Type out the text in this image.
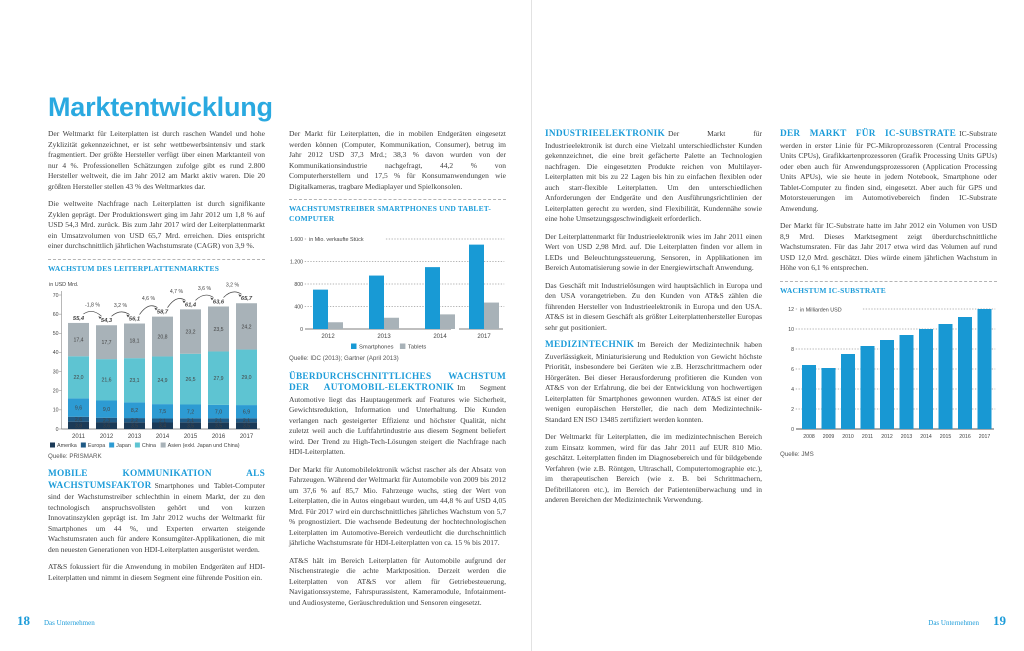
Marktentwicklung

Der Weltmarkt für Leiterplatten ist durch raschen Wandel und hohe Zyklizität gekennzeichnet, er ist sehr wettbewerbsintensiv und stark fragmentiert. Der größte Hersteller verfügt über einen Marktanteil von nur 4 %. Professionellen Schätzungen zufolge gibt es rund 2.800 Hersteller weltweit, die im Jahr 2012 am Markt aktiv waren. Die 20 größten Hersteller stellen 43 % des Weltmarktes dar.

Die weltweite Nachfrage nach Leiterplatten ist durch signifikante Zyklen geprägt. Der Produktionswert ging im Jahr 2012 um 1,8 % auf USD 54,3 Mrd. zurück. Bis zum Jahr 2017 wird der Leiterplattenmarkt ein Umsatzvolumen von USD 65,7 Mrd. erreichen. Dies entspricht einer durchschnittlich jährlichen Wachstumsrate (CAGR) von 3,9 %.

WACHSTUM DES LEITERPLATTENMARKTES
in USD Mrd.
0
10
20
30
40
50
60
70
3,8
2,6
9,6
22,0
17,4
55,4
2011
3,6
2,3
9,0
21,6
17,7
54,3
2012
3,5
2,2
8,2
23,1
18,1
56,1
2013
3,4
2,1
7,5
24,9
20,8
58,7
2014
3,5
2,1
7,2
26,5
23,2
61,4
2015
3,5
2,1
7,0
27,9
23,5
63,6
2016
3,5
2,1
6,9
29,0
24,2
65,7
2017
-1,8 %	3,2 %
4,6 %
4,7 %	3,6 %
3,2 %
Amerika Europa Japan China Asien (exkl. Japan und China)
Quelle: PRISMARK

MOBILE KOMMUNIKATION ALS WACHSTUMSFAKTOR Smartphones und Tablet-Computer sind der Wachstumstreiber schlechthin in einem Markt, der zu den technologisch anspruchsvollsten gehört und von kurzen Innovatinszyklen geprägt ist. Im Jahr 2012 wuchs der Weltmarkt für Smartphones um 44 %, und Experten erwarten steigende Wachstumsraten auch für andere Konsumgüter-Applikationen, die mit den neuesten Generationen von HDI-Leiterplatten ausgerüstet werden.

AT&S fokussiert für die Anwendung in mobilen Endgeräten auf HDI-Leiterplatten und nimmt in diesem Segment eine führende Position ein.

Der Markt für Leiterplatten, die in mobilen Endgeräten eingesetzt werden können (Computer, Kommunikation, Consumer), betrug im Jahr 2012 USD 37,3 Mrd.; 38,3 % davon wurden von der Kommunikationsindustrie nachgefragt, 44,2 % von Computerherstellern und 17,5 % für Konsumanwendungen wie Digitalkameras, tragbare Mediaplayer und Spielkonsolen.

WACHSTUMSTREIBER SMARTPHONES UND TABLET-COMPUTER
0
400
800
1.200
1.600 in Mio. verkaufte Stück
2012	2013	2014	2017
Smartphones Tablets
Quelle: IDC (2013); Gartner (April 2013)

ÜBERDURCHSCHNITTLICHES WACHSTUM DER AUTOMOBIL-ELEKTRONIK Im Segment Automotive liegt das Hauptaugenmerk auf Features wie Sicherheit, Gewichtsreduktion, Information und Unterhaltung. Die Kunden verlangen nach gesteigerter Effizienz und höchster Qualität, nicht zuletzt weil auch die Luftfahrtindustrie aus diesem Segment beliefert wird. Der Trend zu High-Tech-Lösungen steigert die Nachfrage nach HDI-Leiterplatten.

Der Markt für Automobilelektronik wächst rascher als der Absatz von Fahrzeugen. Während der Weltmarkt für Automobile von 2009 bis 2012 um 37,6 % auf 85,7 Mio. Fahrzeuge wuchs, stieg der Wert von Leiterplatten, die in Autos eingebaut wurden, um 44,8 % auf USD 4,05 Mrd. Für 2017 wird ein durchschnittliches jährliches Wachstum von 5,7 % prognostiziert. Die wachsende Bedeutung der hochtechnologischen Leiterplatten im Automotive-Bereich verdeutlicht die durchschnittlich jährliche Wachstumsrate für HDI-Leiterplatten von ca. 15 % bis 2017.

AT&S hält im Bereich Leiterplatten für Automobile aufgrund der Nischenstrategie die achte Marktposition. Derzeit werden die Leiterplatten von AT&S vor allem für Getriebesteuerung, Navigationssysteme, Fahrspurassistent, Kameramodule, Infotainment- und Audiosysteme, Geräuschreduktion und Sensoren eingesetzt.

INDUSTRIEELEKTRONIK Der Markt für Industrieelektronik ist durch eine Vielzahl unterschiedlichster Kunden gekennzeichnet, die eine breit gefächerte Palette an Technologien nachfragen. Die eingesetzten Produkte reichen von Multilayer-Leiterplatten mit bis zu 22 Lagen bis hin zu einfachen flexiblen oder auch starr-flexible Leiterplatten. Um den unterschiedlichen Anforderungen der Endgeräte und den Ausführungsrichtlinien der Leiterplatten gerecht zu werden, sind Flexibilität, Kundennähe sowie eine hohe Umsetzungsgeschwindigkeit erforderlich.

Der Leiterplattenmarkt für Industrieelektronik wies im Jahr 2011 einen Wert von USD 2,98 Mrd. auf. Die Leiterplatten finden vor allem in LEDs und Beleuchtungssteuerung, Sensoren, in Applikationen im Bereich Automatisierung sowie in der Energiewirtschaft Anwendung.

Das Geschäft mit Industrielösungen wird hauptsächlich in Europa und den USA vorangetrieben. Zu den Kunden von AT&S zählen die führenden Hersteller von Industrieelektronik in Europa und den USA. AT&S ist in diesem Geschäft als größter Leiterplattenhersteller Europas sehr gut positioniert.

MEDIZINTECHNIK Im Bereich der Medizintechnik haben Zuverlässigkeit, Miniaturisierung und Reduktion von Gewicht höchste Priorität, insbesondere bei Geräten wie z.B. Herzschrittmachern oder Hörgeräten. Bei dieser Herausforderung profitieren die Kunden von AT&S von der Erfahrung, die bei der Entwicklung von hochwertigen Leiterplatten für Smartphones gewonnen wurden. AT&S ist einer der wenigen europäischen Hersteller, die nach dem Medizintechnik-Standard EN ISO 13485 zertifiziert werden konnten.

Der Weltmarkt für Leiterplatten, die im medizintechnischen Bereich zum Einsatz kommen, wird für das Jahr 2011 auf EUR 810 Mio. geschätzt. Leiterplatten finden im Diagnosebereich und für bildgebende Verfahren (wie z.B. Röntgen, Ultraschall, Computertomographie etc.), im therapeutischen Bereich (wie z. B. bei Schrittmachern, Defibrillatoren etc.), im Bereich der Patientenüberwachung und in anderen Bereichen der Medizintechnik Verwendung.

DER MARKT FÜR IC-SUBSTRATE IC-Substrate werden in erster Linie für PC-Mikroprozessoren (Central Processing Units CPUs), Grafikkartenprozessoren (Grafik Processing Units GPUs) oder eben auch für Anwendungsprozessoren (Application Processing Units APUs), wie sie heute in jedem Notebook, Smartphone oder Tablet-Computer zu finden sind, eingesetzt. Aber auch für GPS und Motorsteuerungen im Automotivebereich finden IC-Substrate Anwendung.

Der Markt für IC-Substrate hatte im Jahr 2012 ein Volumen von USD 8,9 Mrd. Dieses Marktsegment zeigt überdurchschnittliche Wachstumsraten. Für das Jahr 2017 etwa wird das Volumen auf rund USD 12,0 Mrd. geschätzt. Dies würde einem jährlichen Wachstum in Höhe von 6,1 % entsprechen.

WACHSTUM IC-SUBSTRATE
0
2
4
6
8
10
12 in Milliarden USD
2008 2009 2010 2011 2012 2013 2014 2015 2016 2017
Quelle: JMS
18 Das Unternehmen	Das Unternehmen 19
